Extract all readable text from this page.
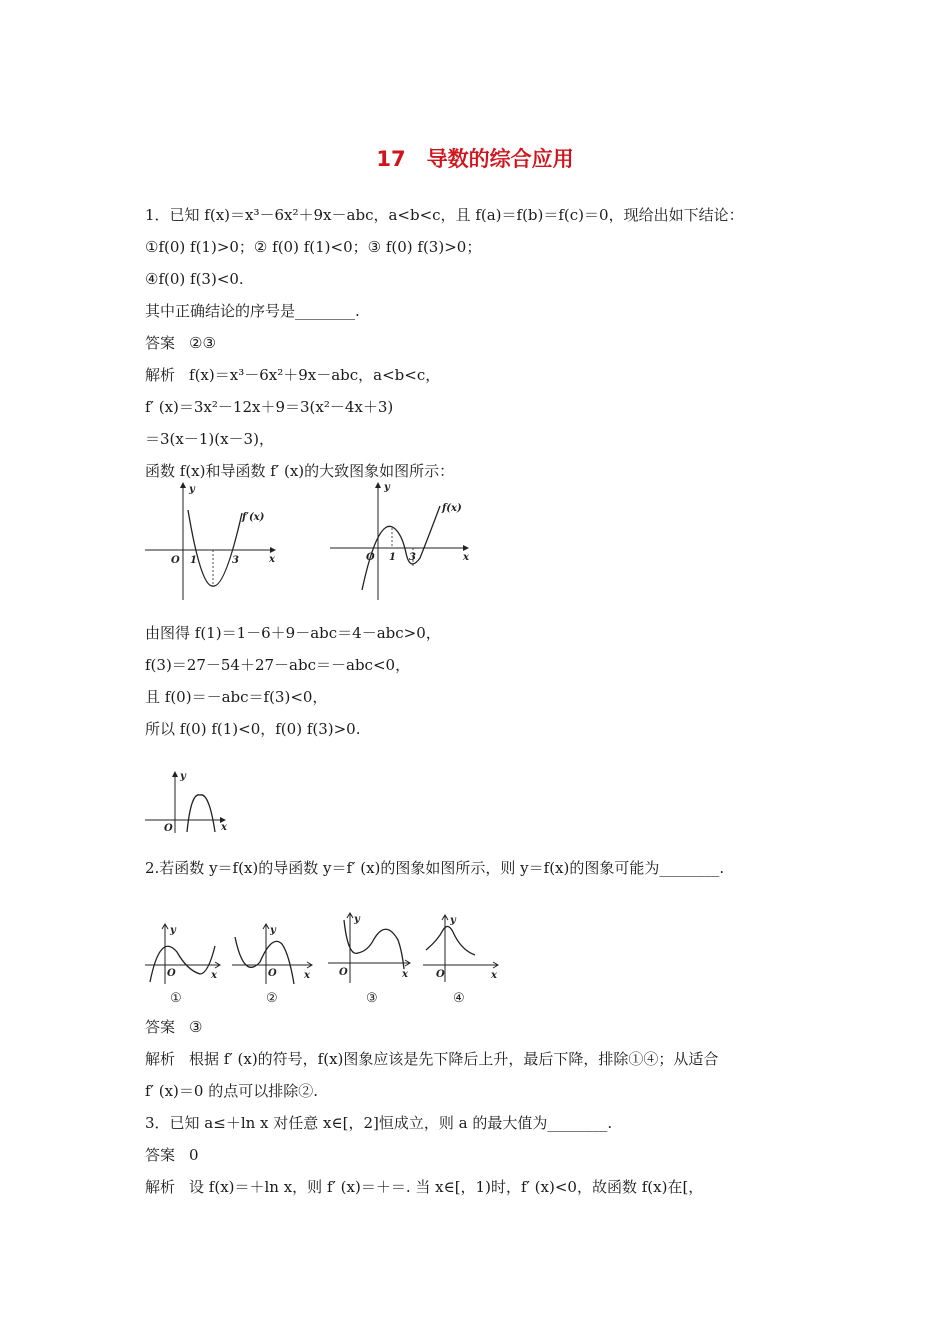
17　导数的综合应用
1．已知 f(x)＝x³－6x²＋9x－abc，a<b<c，且 f(a)＝f(b)＝f(c)＝0，现给出如下结论：
①f(0) f(1)>0；② f(0) f(1)<0；③ f(0) f(3)>0；
④f(0) f(3)<0.
其中正确结论的序号是________.
答案 ②③
解析 f(x)＝x³－6x²＋9x－abc，a<b<c，
f′ (x)＝3x²－12x＋9＝3(x²－4x＋3)
＝3(x－1)(x－3)，
函数 f(x)和导函数 f′ (x)的大致图象如图所示：
y
x
O 1	3
f′(x)
y
x
O 1 3
f(x)
由图得 f(1)＝1－6＋9－abc＝4－abc>0，
f(3)＝27－54＋27－abc＝－abc<0，
且 f(0)＝－abc＝f(3)<0，
所以 f(0) f(1)<0，f(0) f(3)>0.
y
x
O
2.若函数 y＝f(x)的导函数 y＝f′ (x)的图象如图所示，则 y＝f(x)的图象可能为________.
y
x
O
①
y
x
O
②
y
x
O
③
y
x
O
④
答案 ③
解析 根据 f′ (x)的符号，f(x)图象应该是先下降后上升，最后下降，排除①④；从适合
f′ (x)＝0 的点可以排除②.
3．已知 a≤＋ln x 对任意 x∈[，2]恒成立，则 a 的最大值为________.
答案 0
解析 设 f(x)＝＋ln x，则 f′ (x)＝＋＝. 当 x∈[，1)时，f′ (x)<0，故函数 f(x)在[，
